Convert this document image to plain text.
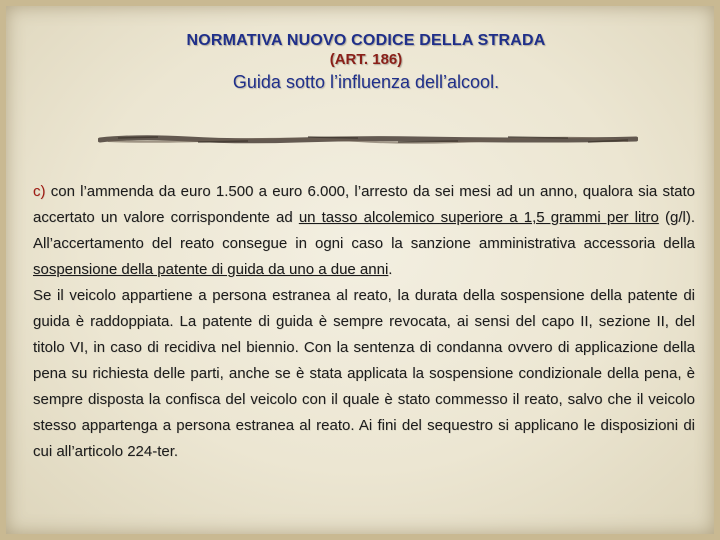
NORMATIVA NUOVO CODICE DELLA STRADA
(ART. 186)
Guida sotto l’influenza dell’alcool.

c) con l’ammenda da euro 1.500 a euro 6.000, l’arresto da sei mesi ad un anno, qualora sia stato accertato un valore corrispondente ad un tasso alcolemico superiore a 1,5 grammi per litro (g/l). All’accertamento del reato consegue in ogni caso la sanzione amministrativa accessoria della sospensione della patente di guida da uno a due anni.

Se il veicolo appartiene a persona estranea al reato, la durata della sospensione della patente di guida è raddoppiata. La patente di guida è sempre revocata, ai sensi del capo II, sezione II, del titolo VI, in caso di recidiva nel biennio. Con la sentenza di condanna ovvero di applicazione della pena su richiesta delle parti, anche se è stata applicata la sospensione condizionale della pena, è sempre disposta la confisca del veicolo con il quale è stato commesso il reato, salvo che il veicolo stesso appartenga a persona estranea al reato. Ai fini del sequestro si applicano le disposizioni di cui all’articolo 224-ter.
